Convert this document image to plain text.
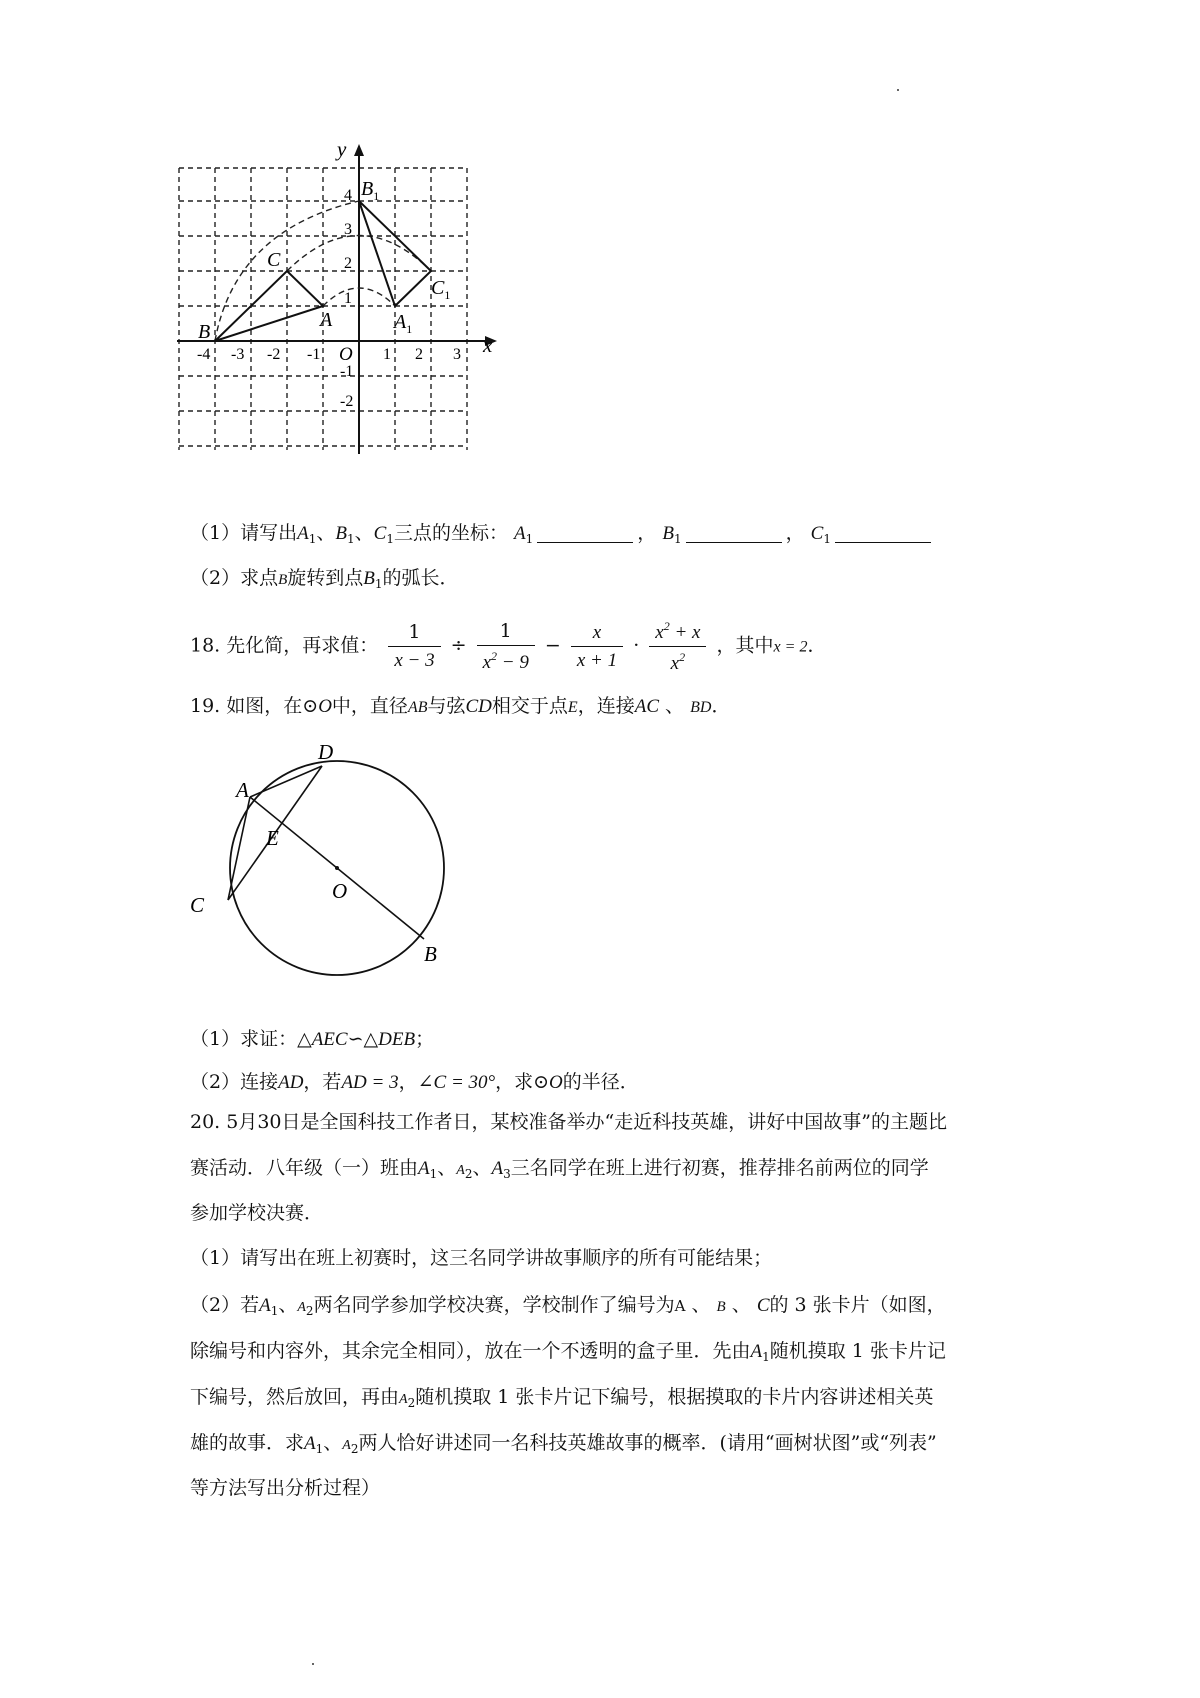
y
x
O
-4 -3 -2 -1	1 2 3
1
2
3
4
-1
-2
B
A
C
$A_1$
$B_1$
$C_1$
（1）请写出$A_1$、$B_1$、$C_1$三点的坐标： $A_1$	， $B_1$	， $C_1$
（2）求点B旋转到点$B_1$的弧长．
18. 先化简，再求值： $\frac{1}{x - 3} \div \frac{1}{x^2 - 9} - \frac{x}{x + 1} \cdot \frac{x^2 + x}{x^2}$ ，其中x = 2．
19. 如图，在⊙O中，直径AB与弦CD相交于点E，连接AC 、 BD．
D
A
E
C
O
B
（1）求证：△AEC∽△DEB；
（2）连接AD，若AD = 3，∠C = 30°，求⊙O的半径．
20. 5月30日是全国科技工作者日，某校准备举办“走近科技英雄，讲好中国故事”的主题比
赛活动．八年级（一）班由$A_1$、$A_2$、$A_3$三名同学在班上进行初赛，推荐排名前两位的同学
参加学校决赛．
（1）请写出在班上初赛时，这三名同学讲故事顺序的所有可能结果；
（2）若$A_1$、$A_2$两名同学参加学校决赛，学校制作了编号为A 、 B 、 C的 3 张卡片（如图，
除编号和内容外，其余完全相同），放在一个不透明的盒子里．先由$A_1$随机摸取 1 张卡片记
下编号，然后放回，再由$A_2$随机摸取 1 张卡片记下编号，根据摸取的卡片内容讲述相关英
雄的故事．求$A_1$、$A_2$两人恰好讲述同一名科技英雄故事的概率．(请用“画树状图”或“列表”
等方法写出分析过程）
